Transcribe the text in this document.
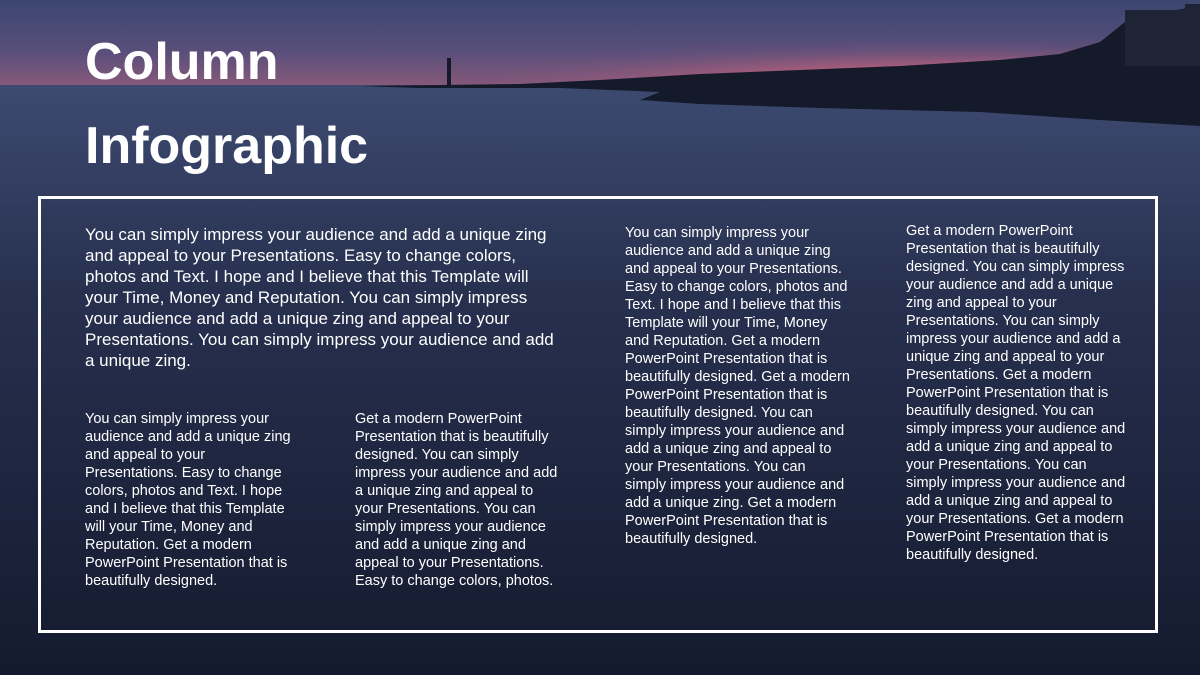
Column
Infographic

You can simply impress your audience and add a unique zing and appeal to your Presentations. Easy to change colors, photos and Text. I hope and I believe that this Template will your Time, Money and Reputation. You can simply impress your audience and add a unique zing and appeal to your Presentations. You can simply impress your audience and add a unique zing.

You can simply impress your audience and add a unique zing and appeal to your Presentations. Easy to change colors, photos and Text. I hope and I believe that this Template will your Time, Money and Reputation. Get a modern PowerPoint Presentation that is beautifully designed.

Get a modern PowerPoint Presentation that is beautifully designed. You can simply impress your audience and add a unique zing and appeal to your Presentations. You can simply impress your audience and add a unique zing and appeal to your Presentations. Easy to change colors, photos.

You can simply impress your audience and add a unique zing and appeal to your Presentations. Easy to change colors, photos and Text. I hope and I believe that this Template will your Time, Money and Reputation. Get a modern PowerPoint Presentation that is beautifully designed. Get a modern PowerPoint Presentation that is beautifully designed. You can simply impress your audience and add a unique zing and appeal to your Presentations. You can simply impress your audience and add a unique zing. Get a modern PowerPoint Presentation that is beautifully designed.

Get a modern PowerPoint Presentation that is beautifully designed. You can simply impress your audience and add a unique zing and appeal to your Presentations. You can simply impress your audience and add a unique zing and appeal to your Presentations. Get a modern PowerPoint Presentation that is beautifully designed. You can simply impress your audience and add a unique zing and appeal to your Presentations. You can simply impress your audience and add a unique zing and appeal to your Presentations. Get a modern PowerPoint Presentation that is beautifully designed.
